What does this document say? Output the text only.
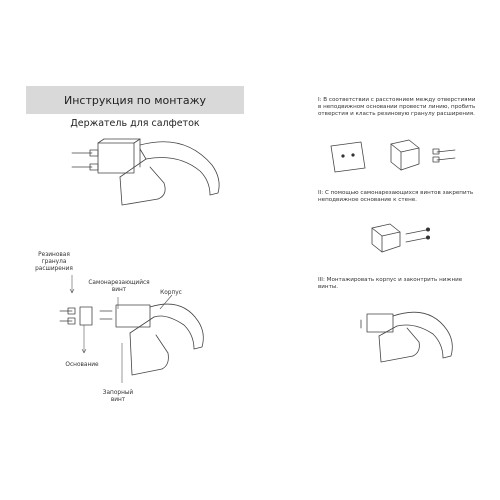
Инструкция по монтажу
Держатель для салфеток
Резиновая гранула расширения
Самонарезающийся винт	Корпус
Основание
Запорный винт
I: В соответствии с расстоянием между отверстиями в неподвижном основании провести линию, пробить отверстия и класть резиновую гранулу расширения.
II: С помощью самонарезающихся винтов закрепить неподвижное основание к стене.
III: Монтажировать корпус и законтрить нижние винты.
